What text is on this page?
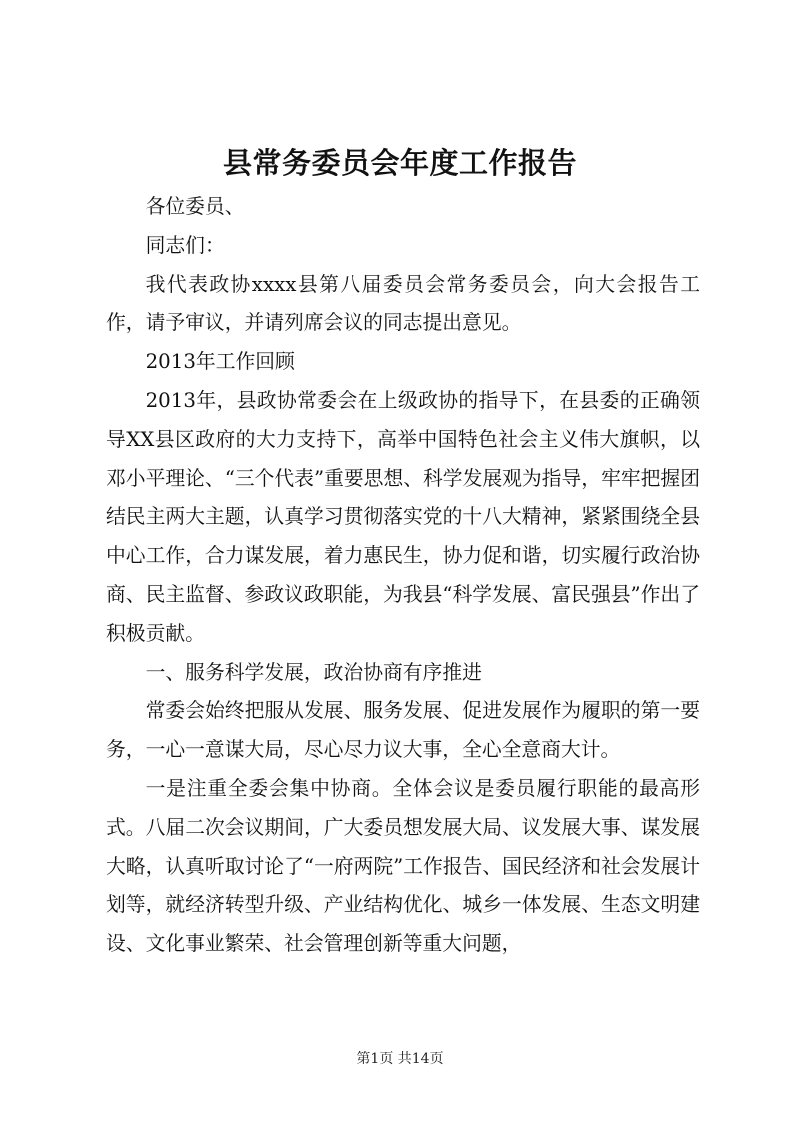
县常务委员会年度工作报告

各位委员、

同志们：

我代表政协xxxx县第八届委员会常务委员会，向大会报告工作，请予审议，并请列席会议的同志提出意见。

2013年工作回顾

2013年，县政协常委会在上级政协的指导下，在县委的正确领导XX县区政府的大力支持下，高举中国特色社会主义伟大旗帜，以邓小平理论、“三个代表”重要思想、科学发展观为指导，牢牢把握团结民主两大主题，认真学习贯彻落实党的十八大精神，紧紧围绕全县中心工作，合力谋发展，着力惠民生，协力促和谐，切实履行政治协商、民主监督、参政议政职能，为我县“科学发展、富民强县”作出了积极贡献。

一、服务科学发展，政治协商有序推进

常委会始终把服从发展、服务发展、促进发展作为履职的第一要务，一心一意谋大局，尽心尽力议大事，全心全意商大计。

一是注重全委会集中协商。全体会议是委员履行职能的最高形式。八届二次会议期间，广大委员想发展大局、议发展大事、谋发展大略，认真听取讨论了“一府两院”工作报告、国民经济和社会发展计划等，就经济转型升级、产业结构优化、城乡一体发展、生态文明建设、文化事业繁荣、社会管理创新等重大问题，

第1页 共14页
